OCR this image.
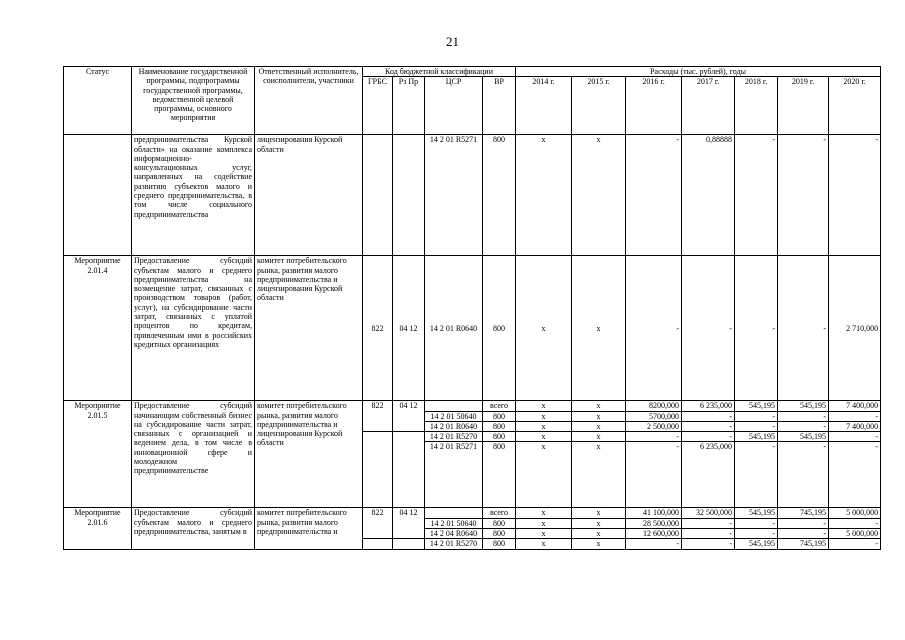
21
Статус	Наименование государственной программы, подпрограммы государственной программы, ведомственной целевой программы, основного мероприятия	Ответственный исполнитель, соисполнители, участники	Код бюджетной классификации				Расходы (тыс. рублей), годы						
			ГРБС	Рз Пр	ЦСР	ВР	2014 г.	2015 г.	2016 г.	2017 г.	2018 г.	2019 г.	2020 г.
	предпринимательства Курской области» на оказание комплекса информационно-консультационных услуг, направленных на содействие развитию субъектов малого и среднего предпринимательства, в том числе социального предпринимательства	лицензирования Курской области			14 2 01 R5271	800	х	х	-	0,88888	-	-	-
Мероприятие 2.01.4	Предоставление субсидий субъектам малого и среднего предпринимательства на возмещение затрат, связанных с производством товаров (работ, услуг), на субсидирование части затрат, связанных с уплатой процентов по кредитам, привлеченным ими в российских кредитных организациях	комитет потребительского рынка, развития малого предпринимательства и лицензирования Курской области	822	04 12	14 2 01 R0640	800	х	х	-	-	-	-	2 710,000
Мероприятие 2.01.5	Предоставление субсидий начинающим собственный бизнес на субсидирование части затрат, связанных с организацией и ведением дела, в том числе в инновационной сфере и молодежном предпринимательстве	комитет потребительского рынка, развития малого предпринимательства и лицензирования Курской области	822	04 12		всего	х	х	8200,000	6 235,000	545,195	545,195	7 400,000
					14 2 01 50640	800	х	х	5700,000	-	-	-	-
					14 2 01 R0640	800	х	х	2 500,000	-	-	-	7 400,000
					14 2 01 R5270	800	х	х	-	-	545,195	545,195	-
					14 2 01 R5271	800	х	х	-	6 235,000	-	-	-
Мероприятие 2.01.6	Предоставление субсидий субъектам малого и среднего предпринимательства, занятым в	комитет потребительского рынка, развития малого предпринимательства и	822	04 12		всего	х	х	41 100,000	32 500,000	545,195	745,195	5 000,000
					14 2 01 50640	800	х	х	28 500,000	-	-	-	-
					14 2 04 R0640	800	х	х	12 600,000	-	-	-	5 000,000
					14 2 01 R5270	800	х	х	-	-	545,195	745,195	-
